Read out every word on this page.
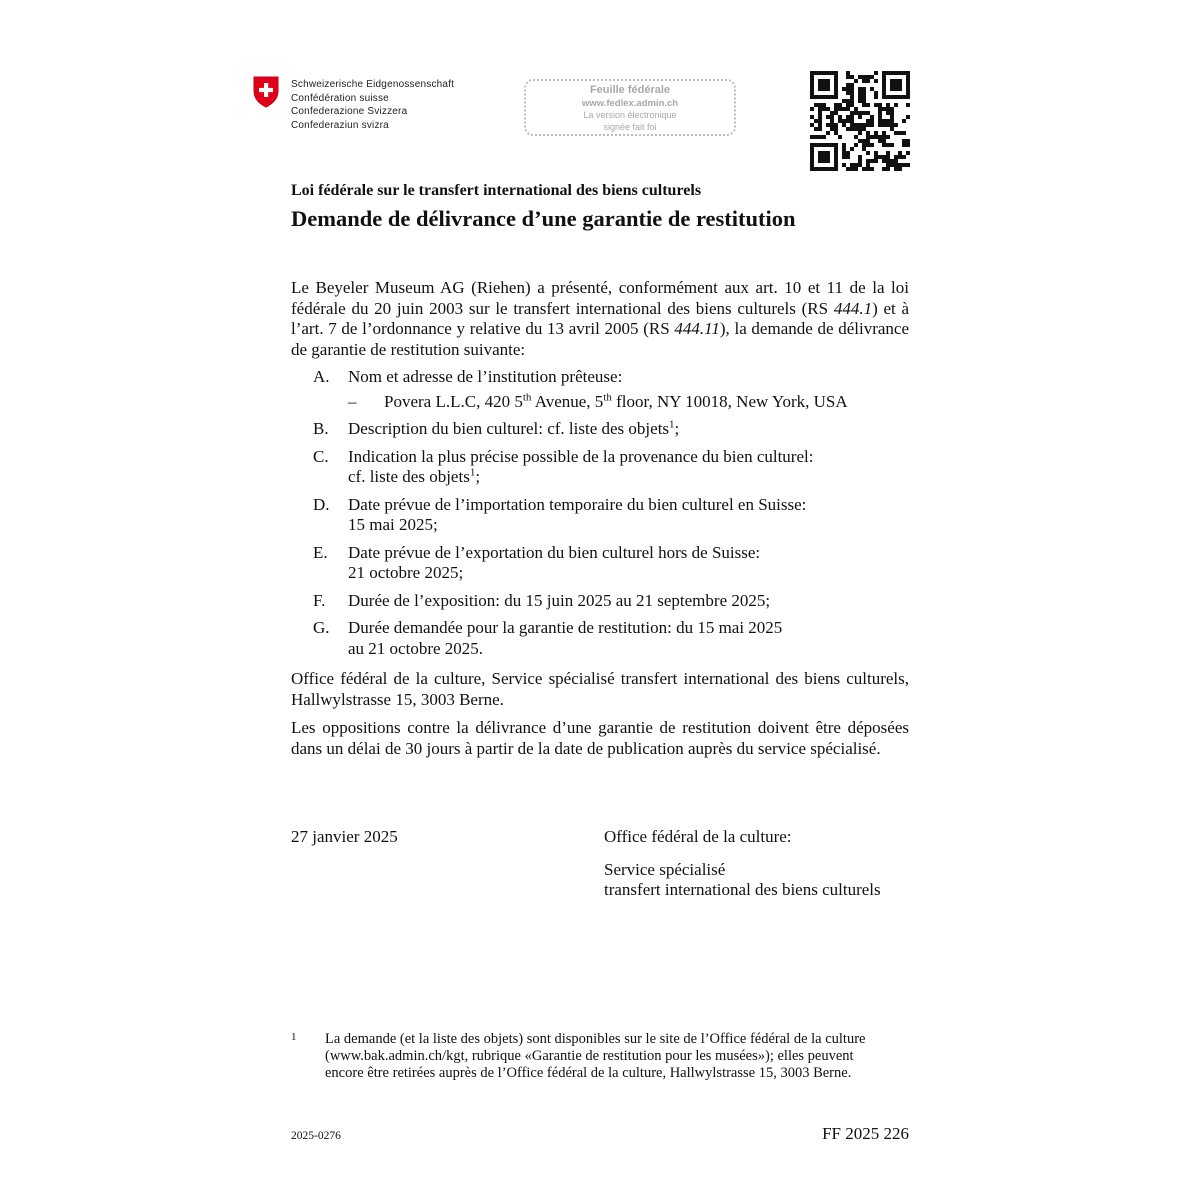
Schweizerische Eidgenossenschaft
Confédération suisse
Confederazione Svizzera
Confederaziun svizra
Feuille fédérale
www.fedlex.admin.ch
La version électronique
signée fait foi
Loi fédérale sur le transfert international des biens culturels
Demande de délivrance d’une garantie de restitution
Le Beyeler Museum AG (Riehen) a présenté, conformément aux art. 10 et 11 de la loi fédérale du 20 juin 2003 sur le transfert international des biens culturels (RS 444.1) et à l’art. 7 de l’ordonnance y relative du 13 avril 2005 (RS 444.11), la demande de délivrance de garantie de restitution suivante:
A. Nom et adresse de l’institution prêteuse:
– Povera L.L.C, 420 5th Avenue, 5th floor, NY 10018, New York, USA
B. Description du bien culturel: cf. liste des objets$^1$;
C. Indication la plus précise possible de la provenance du bien culturel:
cf. liste des objets$^1$;
D. Date prévue de l’importation temporaire du bien culturel en Suisse:
15 mai 2025;
E. Date prévue de l’exportation du bien culturel hors de Suisse:
21 octobre 2025;
F. Durée de l’exposition: du 15 juin 2025 au 21 septembre 2025;
G. Durée demandée pour la garantie de restitution: du 15 mai 2025
au 21 octobre 2025.
Office fédéral de la culture, Service spécialisé transfert international des biens culturels, Hallwylstrasse 15, 3003 Berne.
Les oppositions contre la délivrance d’une garantie de restitution doivent être déposées dans un délai de 30 jours à partir de la date de publication auprès du service spécialisé.
27 janvier 2025	Office fédéral de la culture:
Service spécialisé
transfert international des biens culturels
1	La demande (et la liste des objets) sont disponibles sur le site de l’Office fédéral de la culture (www.bak.admin.ch/kgt, rubrique «Garantie de restitution pour les musées»); elles peuvent encore être retirées auprès de l’Office fédéral de la culture, Hallwylstrasse 15, 3003 Berne.
2025-0276	FF 2025 226
